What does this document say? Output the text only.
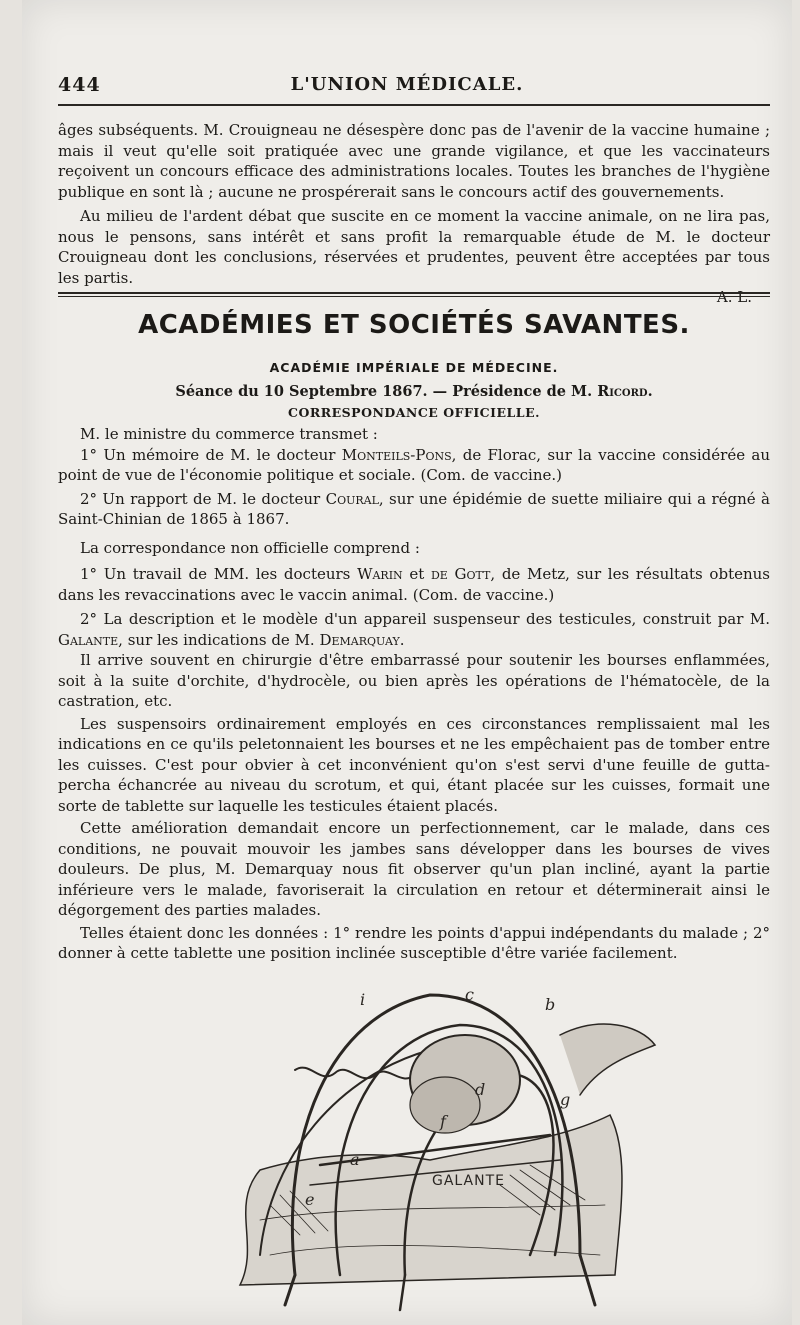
444	L'UNION MÉDICALE.

âges subséquents. M. Crouigneau ne désespère donc pas de l'avenir de la vaccine humaine ; mais il veut qu'elle soit pratiquée avec une grande vigilance, et que les vaccinateurs reçoivent un concours efficace des administrations locales. Toutes les branches de l'hygiène publique en sont là ; aucune ne prospérerait sans le concours actif des gouvernements.

Au milieu de l'ardent débat que suscite en ce moment la vaccine animale, on ne lira pas, nous le pensons, sans intérêt et sans profit la remarquable étude de M. le docteur Crouigneau dont les conclusions, réservées et prudentes, peuvent être acceptées par tous les partis.

A. L.
ACADÉMIES ET SOCIÉTÉS SAVANTES.
ACADÉMIE IMPÉRIALE DE MÉDECINE.
Séance du 10 Septembre 1867. — Présidence de M. Ricord.
CORRESPONDANCE OFFICIELLE.

M. le ministre du commerce transmet :

1° Un mémoire de M. le docteur Monteils-Pons, de Florac, sur la vaccine considérée au point de vue de l'économie politique et sociale. (Com. de vaccine.)

2° Un rapport de M. le docteur Coural, sur une épidémie de suette miliaire qui a régné à Saint-Chinian de 1865 à 1867.

La correspondance non officielle comprend :

1° Un travail de MM. les docteurs Warin et de Gott, de Metz, sur les résultats obtenus dans les revaccinations avec le vaccin animal. (Com. de vaccine.)

2° La description et le modèle d'un appareil suspenseur des testicules, construit par M. Galante, sur les indications de M. Demarquay.

Il arrive souvent en chirurgie d'être embarrassé pour soutenir les bourses enflammées, soit à la suite d'orchite, d'hydrocèle, ou bien après les opérations de l'hématocèle, de la castration, etc.

Les suspensoirs ordinairement employés en ces circonstances remplissaient mal les indications en ce qu'ils peletonnaient les bourses et ne les empêchaient pas de tomber entre les cuisses. C'est pour obvier à cet inconvénient qu'on s'est servi d'une feuille de gutta-percha échancrée au niveau du scrotum, et qui, étant placée sur les cuisses, formait une sorte de tablette sur laquelle les testicules étaient placés.

Cette amélioration demandait encore un perfectionnement, car le malade, dans ces conditions, ne pouvait mouvoir les jambes sans développer dans les bourses de vives douleurs. De plus, M. Demarquay nous fit observer qu'un plan incliné, ayant la partie inférieure vers le malade, favoriserait la circulation en retour et déterminerait ainsi le dégorgement des parties malades.

Telles étaient donc les données : 1° rendre les points d'appui indépendants du malade ; 2° donner à cette tablette une position inclinée susceptible d'être variée facilement.

a
b
c
d
e
f
g
i
GALANTE
